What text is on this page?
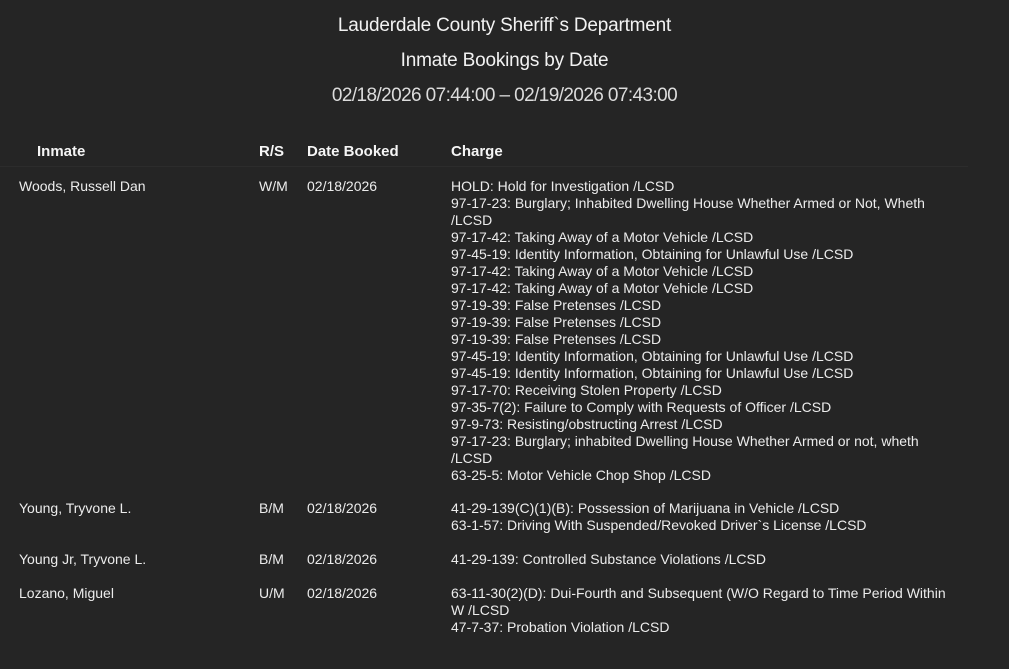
Lauderdale County Sheriff`s Department
Inmate Bookings by Date
02/18/2026 07:44:00 – 02/19/2026 07:43:00
Inmate	R/S Date Booked	Charge
Woods, Russell Dan	W/M 02/18/2026	HOLD: Hold for Investigation /LCSD
97-17-23: Burglary; Inhabited Dwelling House Whether Armed or Not, Wheth
/LCSD
97-17-42: Taking Away of a Motor Vehicle /LCSD
97-45-19: Identity Information, Obtaining for Unlawful Use /LCSD
97-17-42: Taking Away of a Motor Vehicle /LCSD
97-17-42: Taking Away of a Motor Vehicle /LCSD
97-19-39: False Pretenses /LCSD
97-19-39: False Pretenses /LCSD
97-19-39: False Pretenses /LCSD
97-45-19: Identity Information, Obtaining for Unlawful Use /LCSD
97-45-19: Identity Information, Obtaining for Unlawful Use /LCSD
97-17-70: Receiving Stolen Property /LCSD
97-35-7(2): Failure to Comply with Requests of Officer /LCSD
97-9-73: Resisting/obstructing Arrest /LCSD
97-17-23: Burglary; inhabited Dwelling House Whether Armed or not, wheth
/LCSD
63-25-5: Motor Vehicle Chop Shop /LCSD
Young, Tryvone L.	B/M 02/18/2026	41-29-139(C)(1)(B): Possession of Marijuana in Vehicle /LCSD
63-1-57: Driving With Suspended/Revoked Driver`s License /LCSD
Young Jr, Tryvone L.	B/M 02/18/2026	41-29-139: Controlled Substance Violations /LCSD
Lozano, Miguel	U/M 02/18/2026	63-11-30(2)(D): Dui-Fourth and Subsequent (W/O Regard to Time Period Within
W /LCSD
47-7-37: Probation Violation /LCSD
